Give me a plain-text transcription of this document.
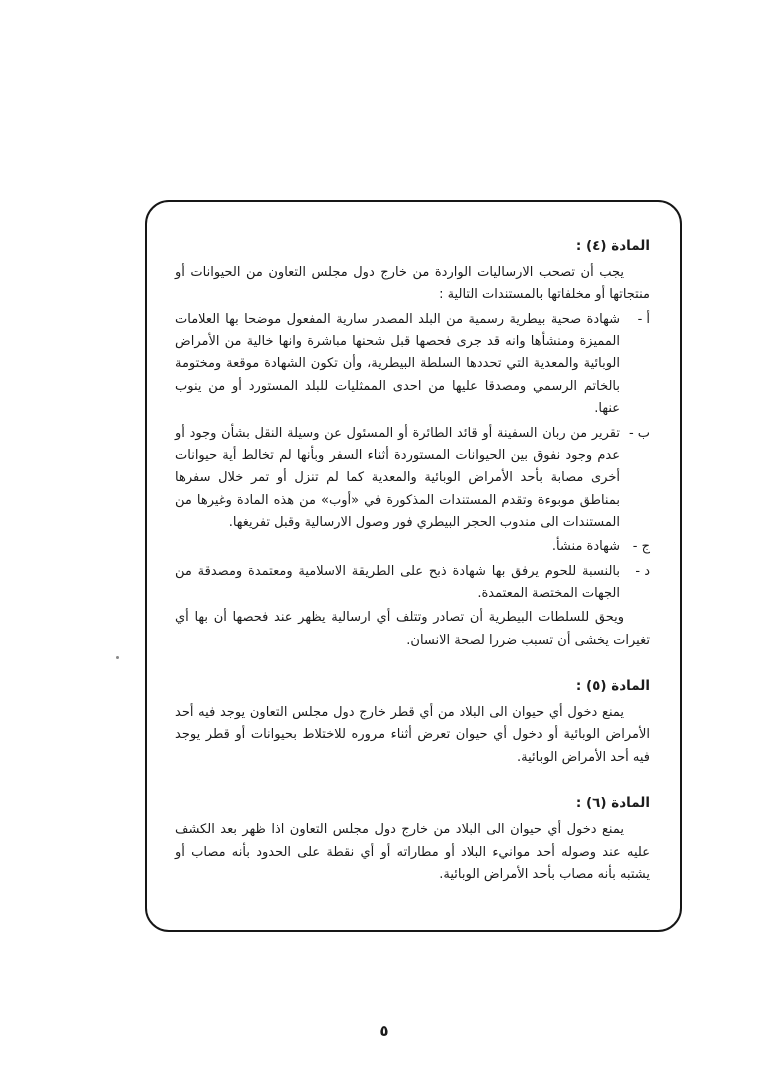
المادة (٤) :

يجب أن تصحب الارساليات الواردة من خارج دول مجلس التعاون من الحيوانات أو منتجاتها أو مخلفاتها بالمستندات التالية :

أ -
شهادة صحية بيطرية رسمية من البلد المصدر سارية المفعول موضحا بها العلامات المميزة ومنشأها وانه قد جرى فحصها قبل شحنها مباشرة وانها خالية من الأمراض الوبائية والمعدية التي تحددها السلطة البيطرية، وأن تكون الشهادة موقعة ومختومة بالخاتم الرسمي ومصدقا عليها من احدى الممثليات للبلد المستورد أو من ينوب عنها.
ب -
تقرير من ربان السفينة أو قائد الطائرة أو المسئول عن وسيلة النقل بشأن وجود أو عدم وجود نفوق بين الحيوانات المستوردة أثناء السفر وبأنها لم تخالط أية حيوانات أخرى مصابة بأحد الأمراض الوبائية والمعدية كما لم تنزل أو تمر خلال سفرها بمناطق موبوءة وتقدم المستندات المذكورة في «أوب» من هذه المادة وغيرها من المستندات الى مندوب الحجر البيطري فور وصول الارسالية وقبل تفريغها.
ج -
شهادة منشأ.
د -
بالنسبة للحوم يرفق بها شهادة ذبح على الطريقة الاسلامية ومعتمدة ومصدقة من الجهات المختصة المعتمدة.

ويحق للسلطات البيطرية أن تصادر وتتلف أي ارسالية يظهر عند فحصها أن بها أي تغيرات يخشى أن تسبب ضررا لصحة الانسان.

المادة (٥) :

يمنع دخول أي حيوان الى البلاد من أي قطر خارج دول مجلس التعاون يوجد فيه أحد الأمراض الوبائية أو دخول أي حيوان تعرض أثناء مروره للاختلاط بحيوانات أو قطر يوجد فيه أحد الأمراض الوبائية.

المادة (٦) :

يمنع دخول أي حيوان الى البلاد من خارج دول مجلس التعاون اذا ظهر بعد الكشف عليه عند وصوله أحد موانيء البلاد أو مطاراته أو أي نقطة على الحدود بأنه مصاب أو يشتبه بأنه مصاب بأحد الأمراض الوبائية.

٥
